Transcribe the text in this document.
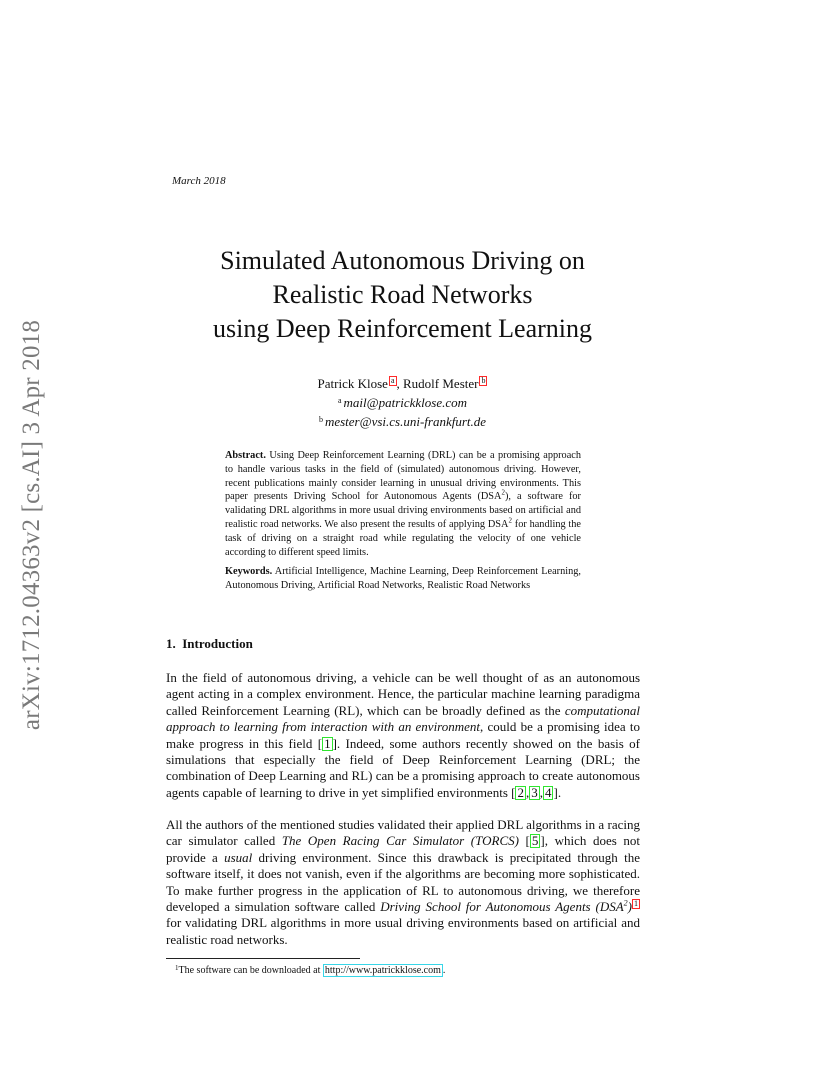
arXiv:1712.04363v2 [cs.AI] 3 Apr 2018
March 2018
Simulated Autonomous Driving on
Realistic Road Networks
using Deep Reinforcement Learning
Patrick Klose a , Rudolf Mester b
$^a$ mail@patrickklose.com
$^b$ mester@vsi.cs.uni-frankfurt.de

Abstract. Using Deep Reinforcement Learning (DRL) can be a promising approach to handle various tasks in the field of (simulated) autonomous driving. However, recent publications mainly consider learning in unusual driving environments. This paper presents Driving School for Autonomous Agents (DSA$^2$), a software for validating DRL algorithms in more usual driving environments based on artificial and realistic road networks. We also present the results of applying DSA$^2$ for handling the task of driving on a straight road while regulating the velocity of one vehicle according to different speed limits.

Keywords. Artificial Intelligence, Machine Learning, Deep Reinforcement Learning, Autonomous Driving, Artificial Road Networks, Realistic Road Networks

1. Introduction

In the field of autonomous driving, a vehicle can be well thought of as an autonomous agent acting in a complex environment. Hence, the particular machine learning paradigma called Reinforcement Learning (RL), which can be broadly defined as the computational approach to learning from interaction with an environment, could be a promising idea to make progress in this field [ 1 ]. Indeed, some authors recently showed on the basis of simulations that especially the field of Deep Reinforcement Learning (DRL; the combination of Deep Learning and RL) can be a promising approach to create autonomous agents capable of learning to drive in yet simplified environments [ 2 , 3 , 4 ].

All the authors of the mentioned studies validated their applied DRL algorithms in a racing car simulator called The Open Racing Car Simulator (TORCS) [ 5 ], which does not provide a usual driving environment. Since this drawback is precipitated through the software itself, it does not vanish, even if the algorithms are becoming more sophisticated. To make further progress in the application of RL to autonomous driving, we therefore developed a simulation software called Driving School for Autonomous Agents (DSA$^2$) 1 for validating DRL algorithms in more usual driving environments based on artificial and realistic road networks.

$^1$The software can be downloaded at http://www.patrickklose.com .
